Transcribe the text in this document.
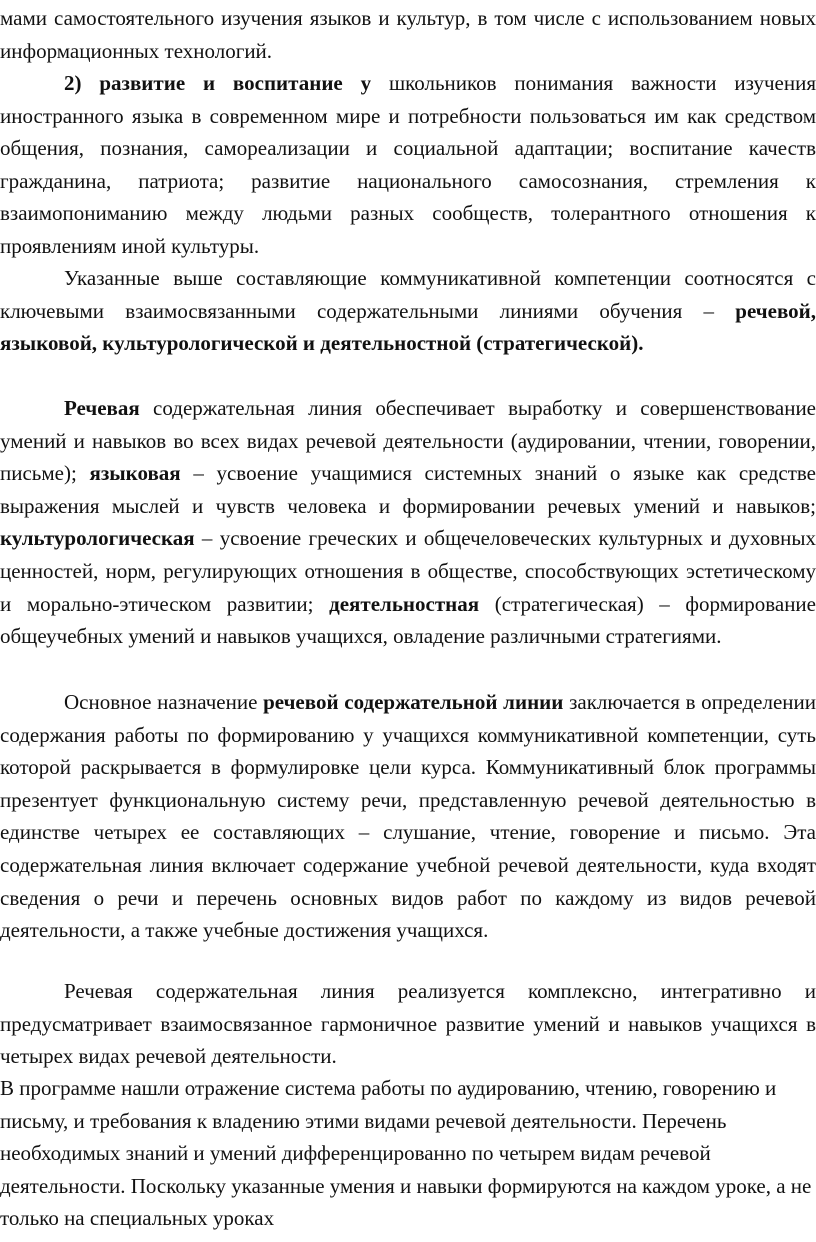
мами самостоятельного изучения языков и культур, в том числе с использованием новых информационных технологий.

2) развитие и воспитание у школьников понимания важности изучения иностранного языка в современном мире и потребности пользоваться им как средством общения, познания, самореализации и социальной адаптации; воспитание качеств гражданина, патриота; развитие национального самосознания, стремления к взаимопониманию между людьми разных сообществ, толерантного отношения к проявлениям иной культуры.

Указанные выше составляющие коммуникативной компетенции соотносятся с ключевыми взаимосвязанными содержательными линиями обучения – речевой, языковой, культурологической и деятельностной (стратегической).

Речевая содержательная линия обеспечивает выработку и совершенствование умений и навыков во всех видах речевой деятельности (аудировании, чтении, говорении, письме); языковая – усвоение учащимися системных знаний о языке как средстве выражения мыслей и чувств человека и формировании речевых умений и навыков; культурологическая – усвоение греческих и общечеловеческих культурных и духовных ценностей, норм, регулирующих отношения в обществе, способствующих эстетическому и морально-этическом развитии; деятельностная (стратегическая) – формирование общеучебных умений и навыков учащихся, овладение различными стратегиями.

Основное назначение речевой содержательной линии заключается в определении содержания работы по формированию у учащихся коммуникативной компетенции, суть которой раскрывается в формулировке цели курса. Коммуникативный блок программы презентует функциональную систему речи, представленную речевой деятельностью в единстве четырех ее составляющих – слушание, чтение, говорение и письмо. Эта содержательная линия включает содержание учебной речевой деятельности, куда входят сведения о речи и перечень основных видов работ по каждому из видов речевой деятельности, а также учебные достижения учащихся.

Речевая содержательная линия реализуется комплексно, интегративно и предусматривает взаимосвязанное гармоничное развитие умений и навыков учащихся в четырех видах речевой деятельности.

В программе нашли отражение система работы по аудированию, чтению, говорению и письму, и требования к владению этими видами речевой деятельности. Перечень необходимых знаний и умений дифференцированно по четырем видам речевой деятельности. Поскольку указанные умения и навыки формируются на каждом уроке, а не только на специальных уроках
